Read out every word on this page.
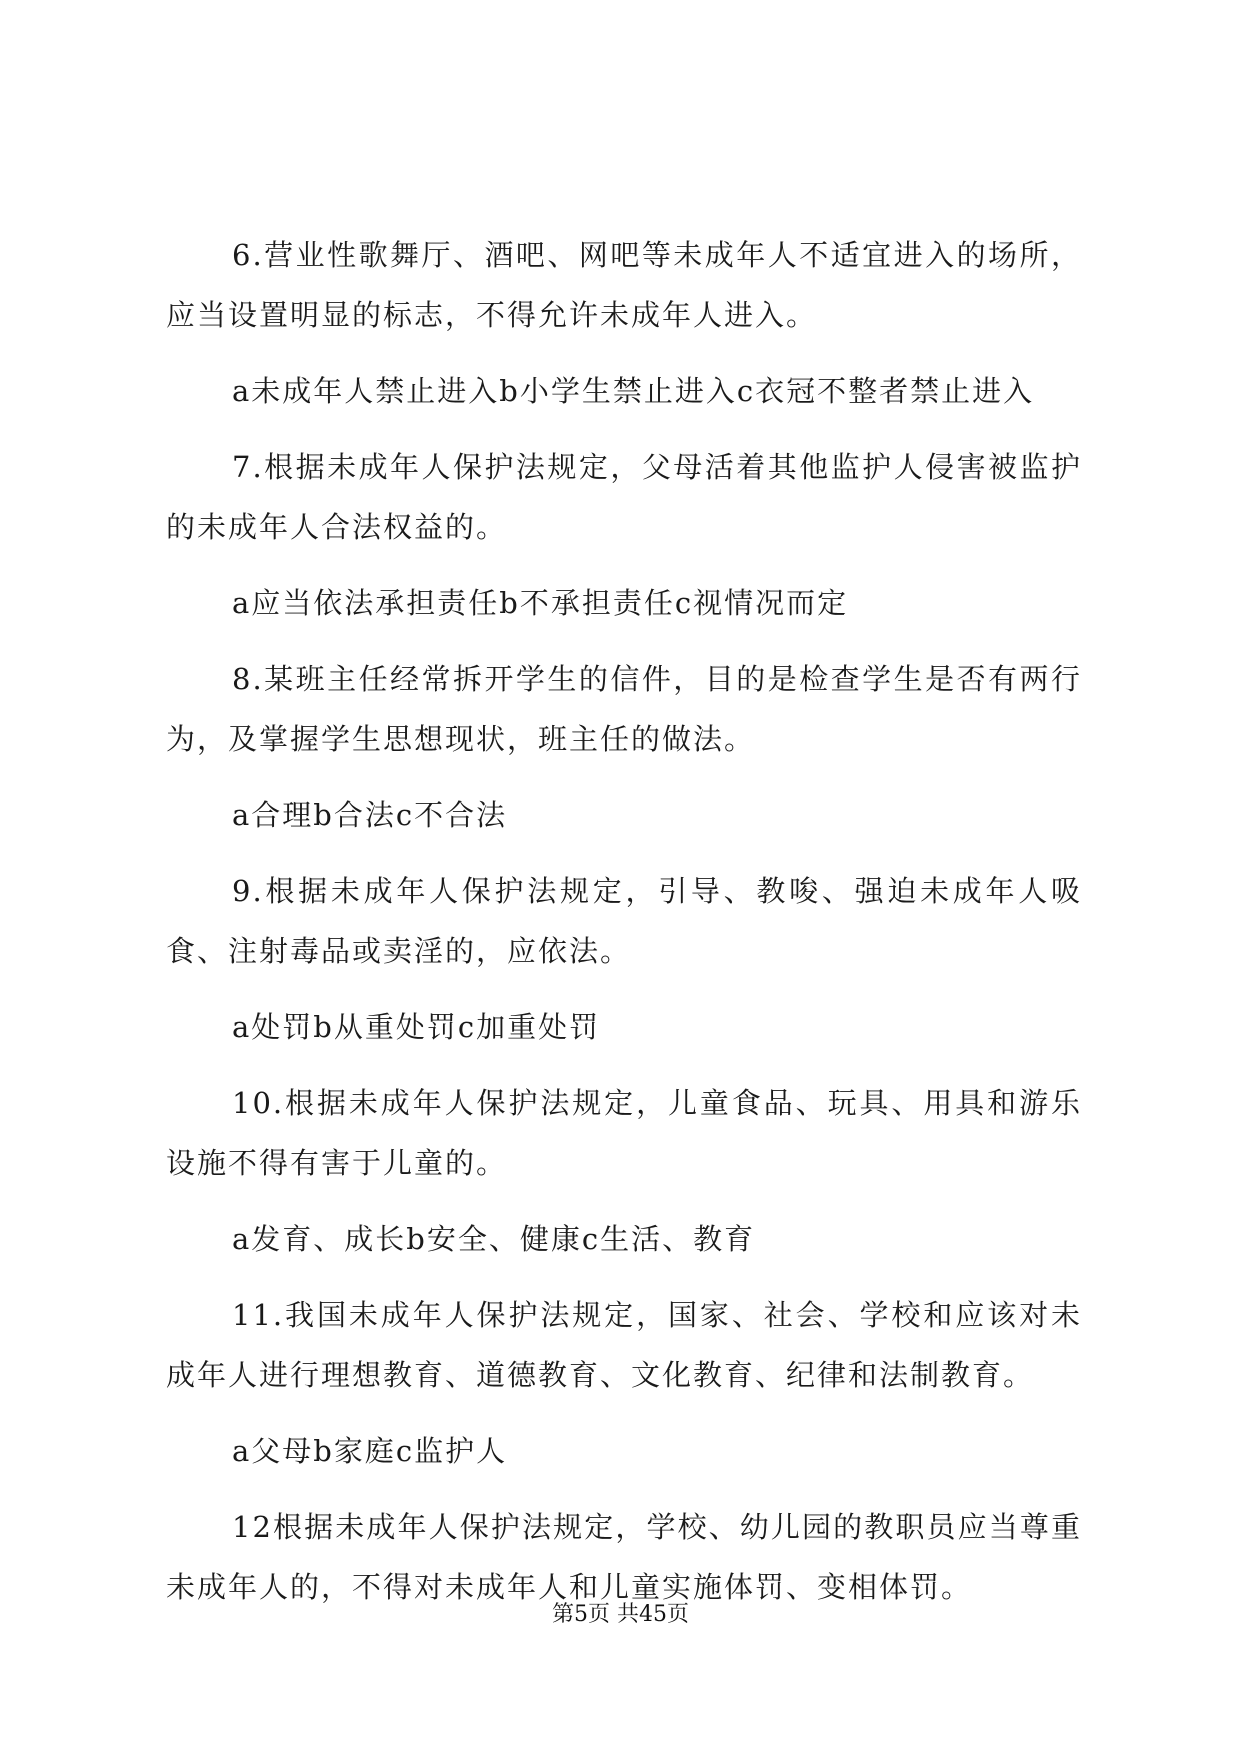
6.营业性歌舞厅、酒吧、网吧等未成年人不适宜进入的场所，应当设置明显的标志，不得允许未成年人进入。

a未成年人禁止进入b小学生禁止进入c衣冠不整者禁止进入

7.根据未成年人保护法规定，父母活着其他监护人侵害被监护的未成年人合法权益的。

a应当依法承担责任b不承担责任c视情况而定

8.某班主任经常拆开学生的信件，目的是检查学生是否有两行为，及掌握学生思想现状，班主任的做法。

a合理b合法c不合法

9.根据未成年人保护法规定，引导、教唆、强迫未成年人吸食、注射毒品或卖淫的，应依法。

a处罚b从重处罚c加重处罚

10.根据未成年人保护法规定，儿童食品、玩具、用具和游乐设施不得有害于儿童的。

a发育、成长b安全、健康c生活、教育

11.我国未成年人保护法规定，国家、社会、学校和应该对未成年人进行理想教育、道德教育、文化教育、纪律和法制教育。

a父母b家庭c监护人

12根据未成年人保护法规定，学校、幼儿园的教职员应当尊重未成年人的，不得对未成年人和儿童实施体罚、变相体罚。

第5页 共45页
